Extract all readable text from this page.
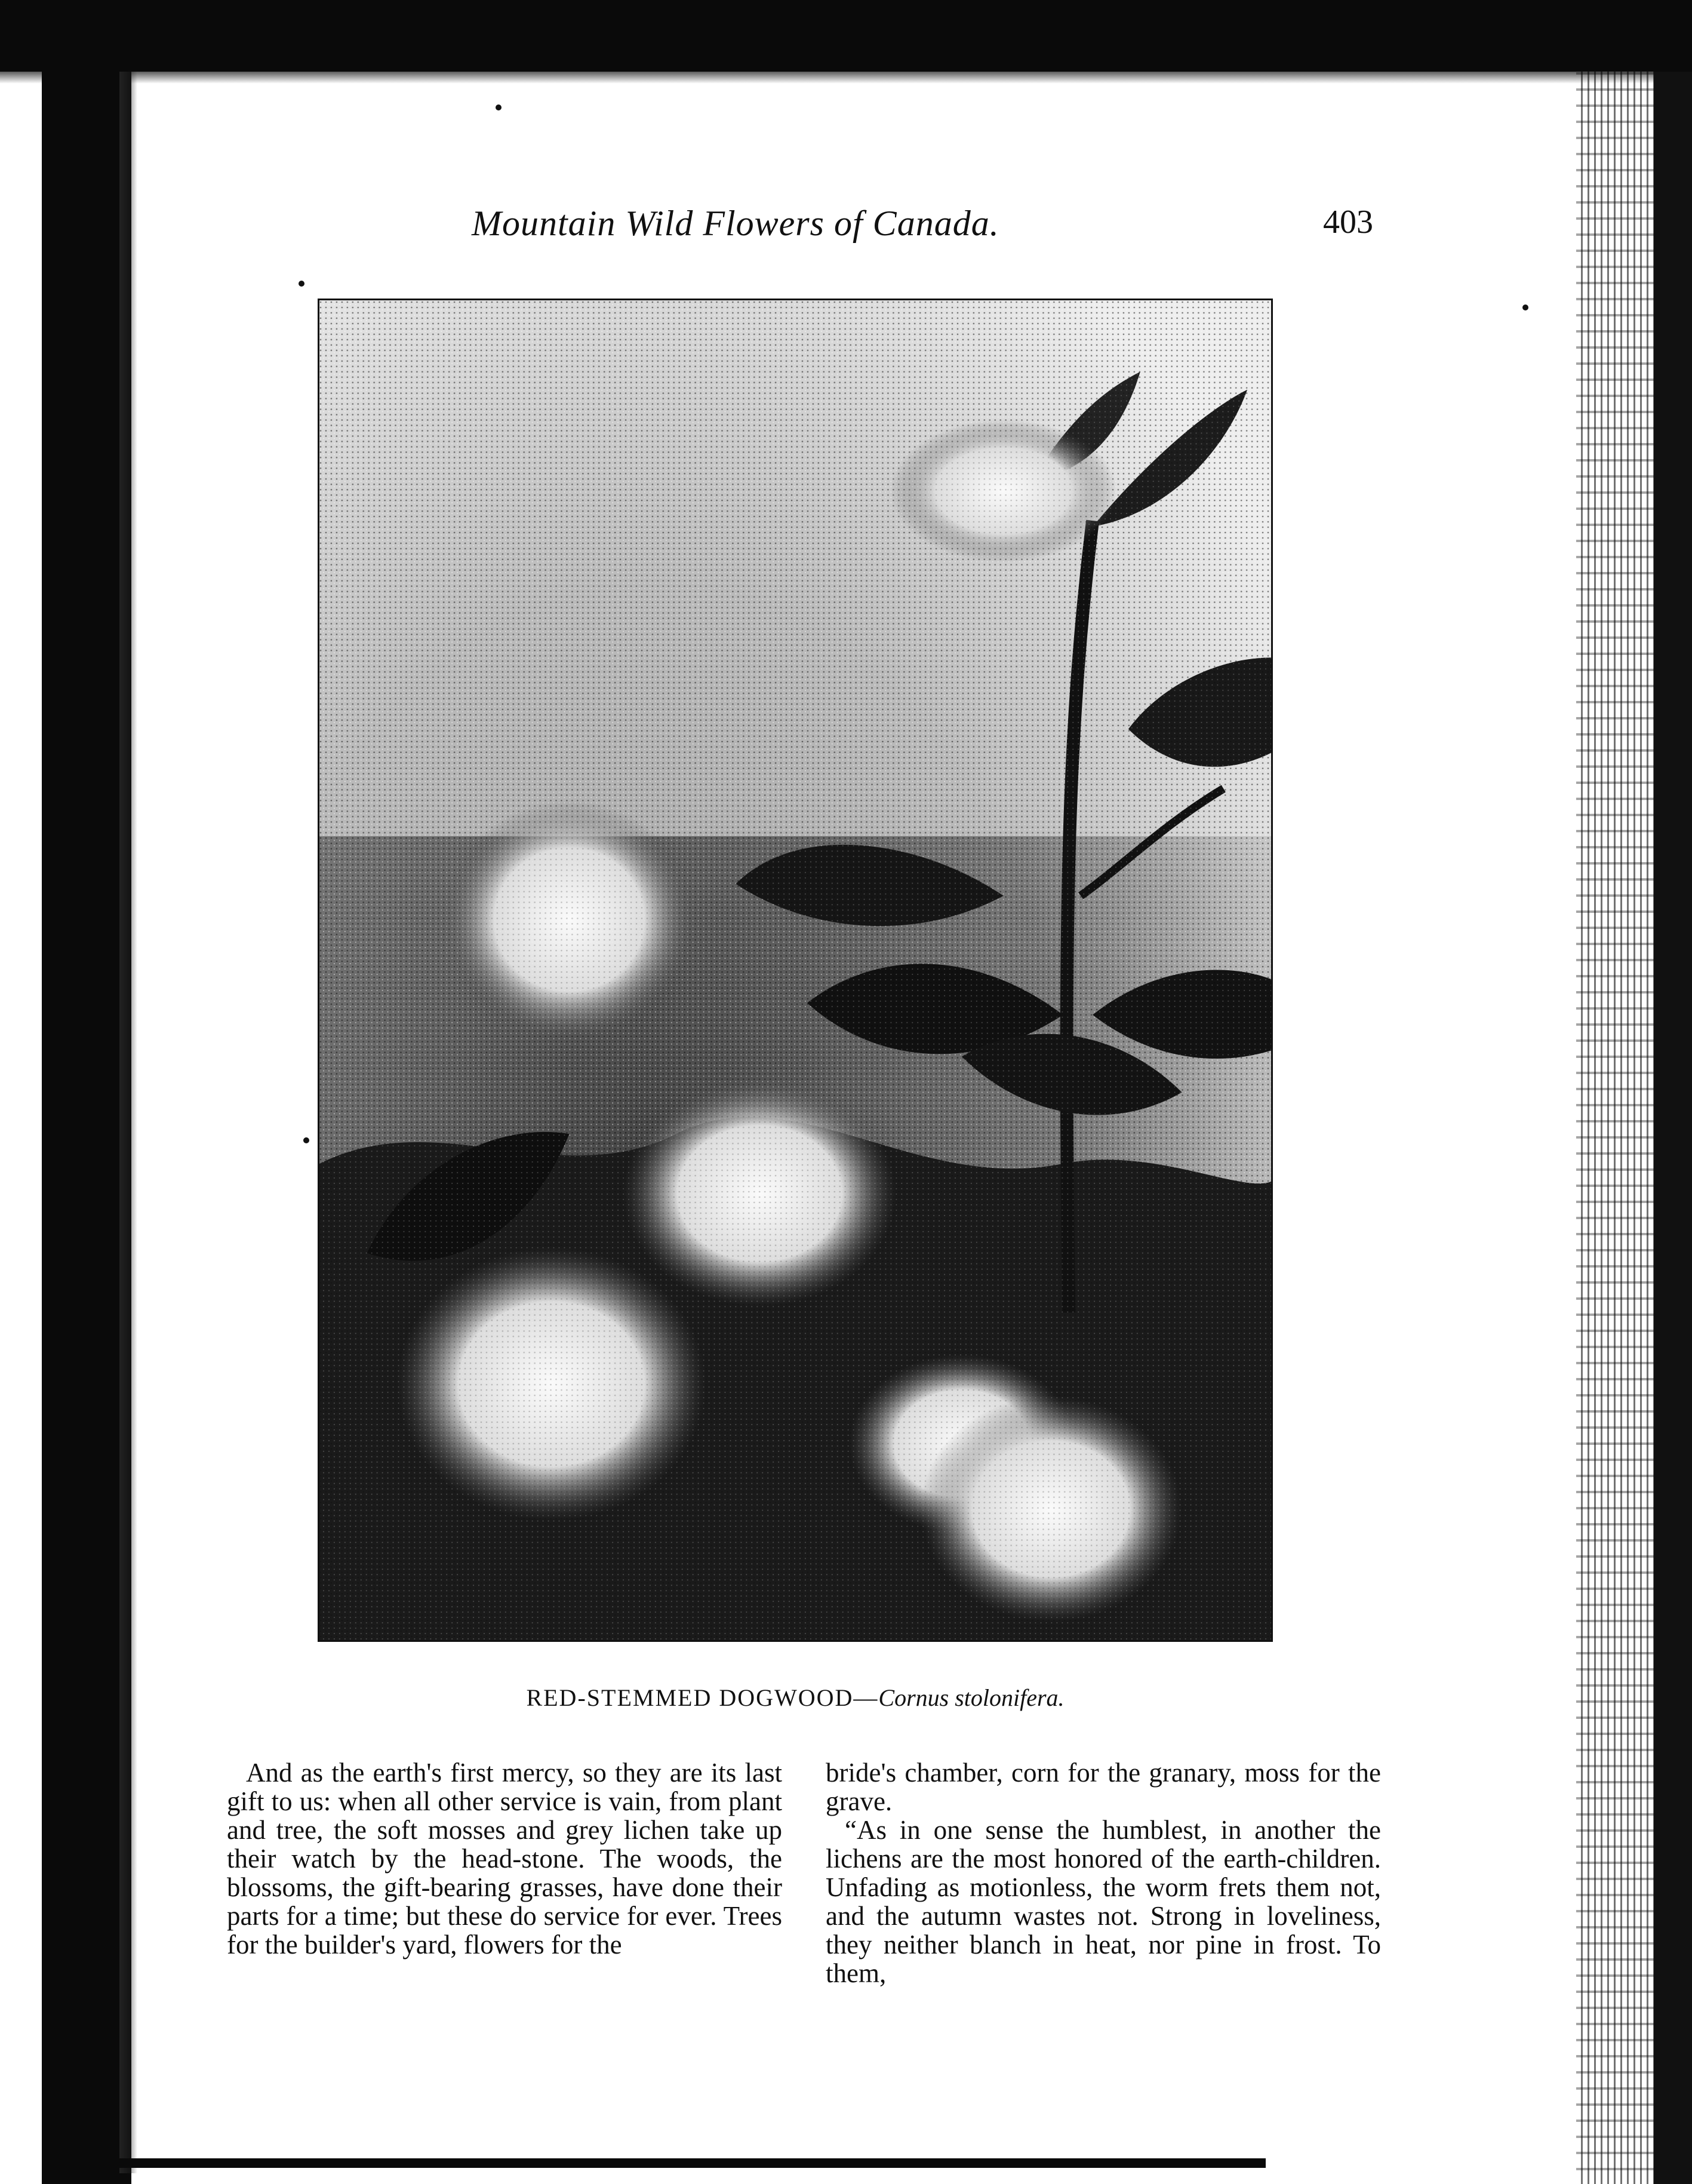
Mountain Wild Flowers of Canada.	403
RED-STEMMED DOGWOOD—Cornus stolonifera.

And as the earth's first mercy, so they are its last gift to us: when all other service is vain, from plant and tree, the soft mosses and grey lichen take up their watch by the head-stone. The woods, the blossoms, the gift-bearing grasses, have done their parts for a time; but these do service for ever. Trees for the builder's yard, flowers for the

bride's chamber, corn for the granary, moss for the grave.

“As in one sense the humblest, in another the lichens are the most honored of the earth-children. Unfading as motionless, the worm frets them not, and the autumn wastes not. Strong in loveliness, they neither blanch in heat, nor pine in frost. To them,
